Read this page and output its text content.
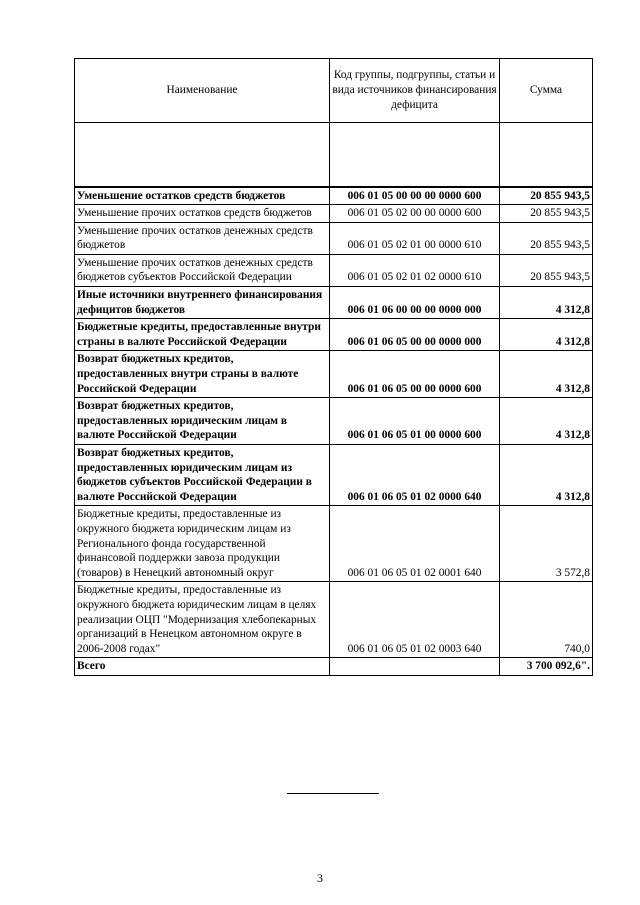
Наименование	Код группы, подгруппы, статьи и вида источников финансирования дефицита	Сумма

Уменьшение остатков средств бюджетов	006 01 05 00 00 00 0000 600	20 855 943,5
Уменьшение прочих остатков средств бюджетов	006 01 05 02 00 00 0000 600	20 855 943,5
Уменьшение прочих остатков денежных средств бюджетов	006 01 05 02 01 00 0000 610	20 855 943,5
Уменьшение прочих остатков денежных средств бюджетов субъектов Российской Федерации	006 01 05 02 01 02 0000 610	20 855 943,5
Иные источники внутреннего финансирования дефицитов бюджетов	006 01 06 00 00 00 0000 000	4 312,8
Бюджетные кредиты, предоставленные внутри страны в валюте Российской Федерации	006 01 06 05 00 00 0000 000	4 312,8
Возврат бюджетных кредитов, предоставленных внутри страны в валюте Российской Федерации	006 01 06 05 00 00 0000 600	4 312,8
Возврат бюджетных кредитов, предоставленных юридическим лицам в валюте Российской Федерации	006 01 06 05 01 00 0000 600	4 312,8
Возврат бюджетных кредитов, предоставленных юридическим лицам из бюджетов субъектов Российской Федерации в валюте Российской Федерации	006 01 06 05 01 02 0000 640	4 312,8
Бюджетные кредиты, предоставленные из окружного бюджета юридическим лицам из Регионального фонда государственной финансовой поддержки завоза продукции (товаров) в Ненецкий автономный округ	006 01 06 05 01 02 0001 640	3 572,8
Бюджетные кредиты, предоставленные из окружного бюджета юридическим лицам в целях реализации ОЦП "Модернизация хлебопекарных организаций в Ненецком автономном округе в 2006-2008 годах"	006 01 06 05 01 02 0003 640	740,0
Всего		3 700 092,6".
3
